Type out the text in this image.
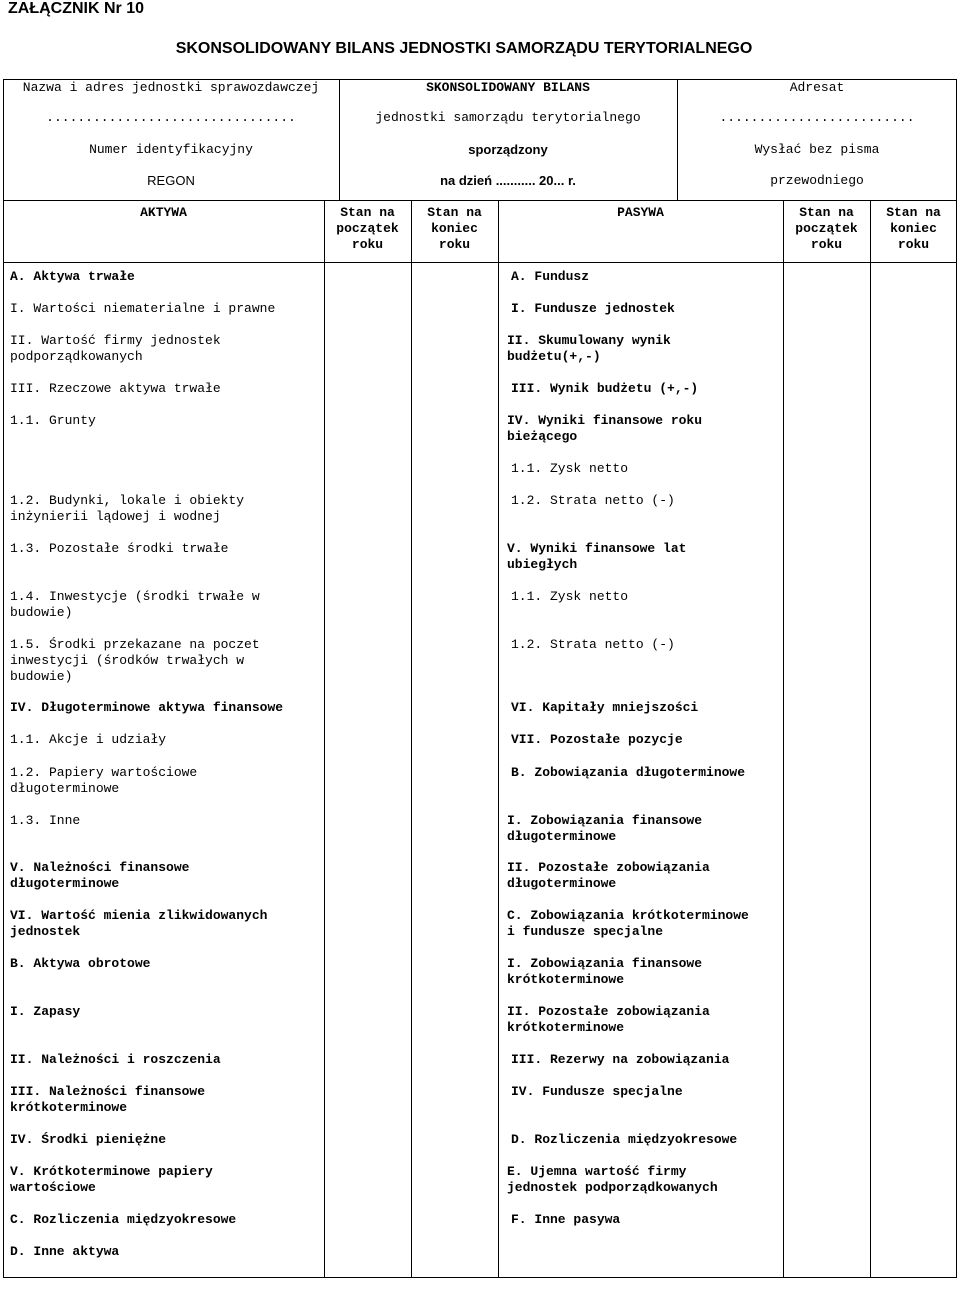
ZAŁĄCZNIK Nr 10
SKONSOLIDOWANY BILANS JEDNOSTKI SAMORZĄDU TERYTORIALNEGO
Nazwa i adres jednostki sprawozdawczej
................................
Numer identyfikacyjny
REGON
SKONSOLIDOWANY BILANS
jednostki samorządu terytorialnego
sporządzony
na dzień ........... 20... r.
Adresat
.........................
Wysłać bez pisma
przewodniego
AKTYWA	Stan na
początek
roku
Stan na
koniec
roku
PASYWA	Stan na
początek
roku
Stan na
koniec
roku
A. Aktywa trwałe
I. Wartości niematerialne i prawne
II. Wartość firmy jednostek
podporządkowanych
III. Rzeczowe aktywa trwałe
1.1. Grunty
1.2. Budynki, lokale i obiekty
inżynierii lądowej i wodnej
1.3. Pozostałe środki trwałe
1.4. Inwestycje (środki trwałe w
budowie)
1.5. Środki przekazane na poczet
inwestycji (środków trwałych w
budowie)
IV. Długoterminowe aktywa finansowe
1.1. Akcje i udziały
1.2. Papiery wartościowe
długoterminowe
1.3. Inne
V. Należności finansowe
długoterminowe
VI. Wartość mienia zlikwidowanych
jednostek
B. Aktywa obrotowe
I. Zapasy
II. Należności i roszczenia
III. Należności finansowe
krótkoterminowe
IV. Środki pieniężne
V. Krótkoterminowe papiery
wartościowe
C. Rozliczenia międzyokresowe
D. Inne aktywa
A. Fundusz
I. Fundusze jednostek
II. Skumulowany wynik
budżetu(+,-)
III. Wynik budżetu (+,-)
IV. Wyniki finansowe roku
bieżącego
1.1. Zysk netto
1.2. Strata netto (-)
V. Wyniki finansowe lat
ubiegłych
1.1. Zysk netto
1.2. Strata netto (-)
VI. Kapitały mniejszości
VII. Pozostałe pozycje
B. Zobowiązania długoterminowe
I. Zobowiązania finansowe
długoterminowe
II. Pozostałe zobowiązania
długoterminowe
C. Zobowiązania krótkoterminowe
i fundusze specjalne
I. Zobowiązania finansowe
krótkoterminowe
II. Pozostałe zobowiązania
krótkoterminowe
III. Rezerwy na zobowiązania
IV. Fundusze specjalne
D. Rozliczenia międzyokresowe
E. Ujemna wartość firmy
jednostek podporządkowanych
F. Inne pasywa
